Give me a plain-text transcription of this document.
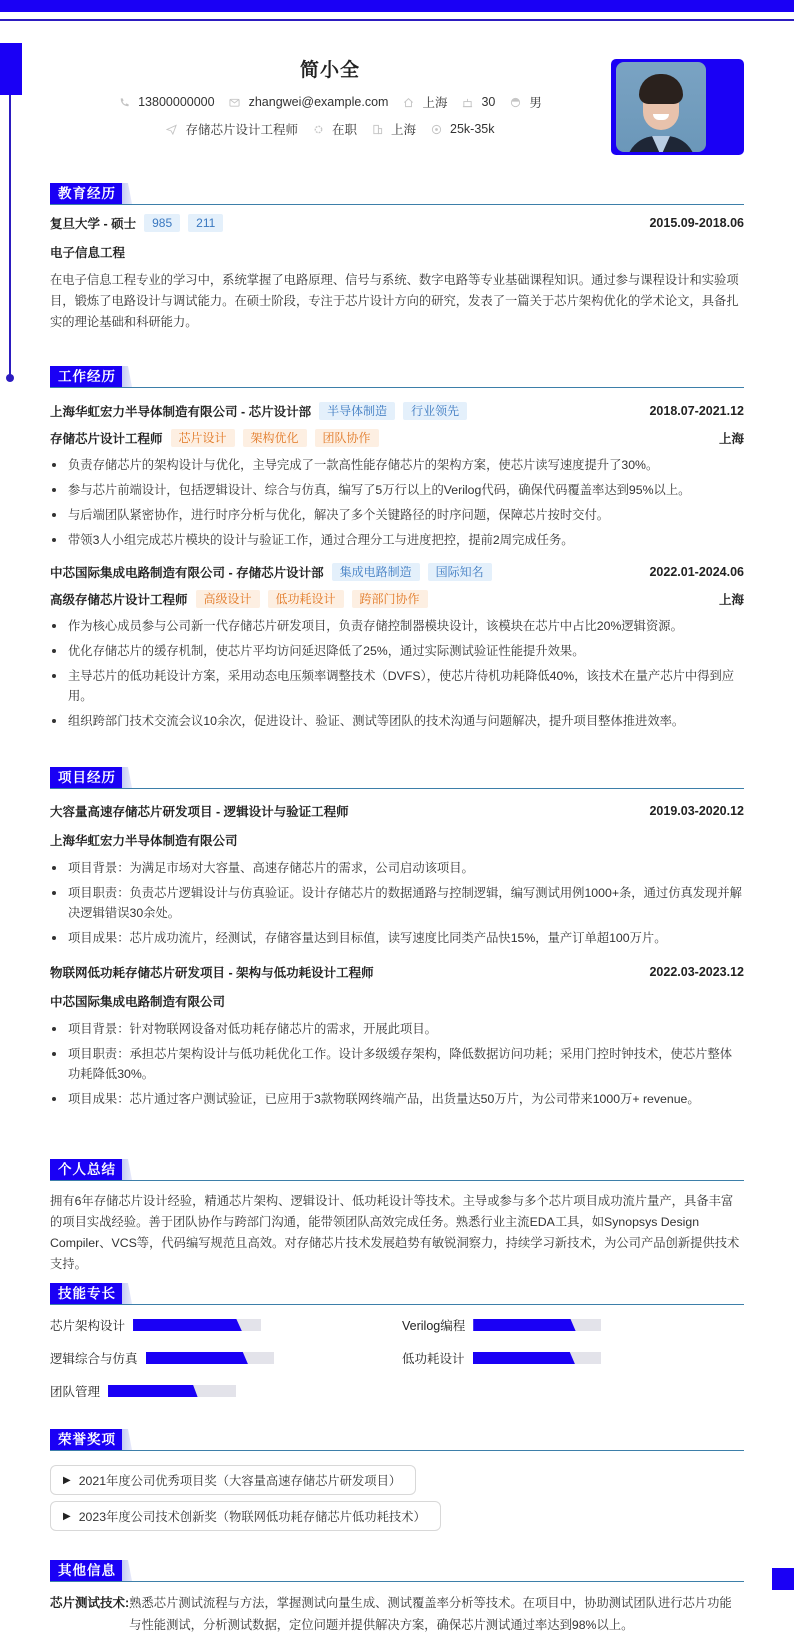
简小全
13800000000	zhangwei@example.com	上海	30	男
存储芯片设计工程师	在职	上海	25k-35k
教育经历
复旦大学 - 硕士	985	211	2015.09-2018.06
电子信息工程
在电子信息工程专业的学习中，系统掌握了电路原理、信号与系统、数字电路等专业基础课程知识。通过参与课程设计和实验项目，锻炼了电路设计与调试能力。在硕士阶段，专注于芯片设计方向的研究，发表了一篇关于芯片架构优化的学术论文，具备扎实的理论基础和科研能力。
工作经历
上海华虹宏力半导体制造有限公司 - 芯片设计部	半导体制造	行业领先	2018.07-2021.12
存储芯片设计工程师	芯片设计	架构优化	团队协作	上海
负责存储芯片的架构设计与优化，主导完成了一款高性能存储芯片的架构方案，使芯片读写速度提升了30%。
参与芯片前端设计，包括逻辑设计、综合与仿真，编写了5万行以上的Verilog代码，确保代码覆盖率达到95%以上。
与后端团队紧密协作，进行时序分析与优化，解决了多个关键路径的时序问题，保障芯片按时交付。
带领3人小组完成芯片模块的设计与验证工作，通过合理分工与进度把控，提前2周完成任务。
中芯国际集成电路制造有限公司 - 存储芯片设计部	集成电路制造	国际知名	2022.01-2024.06
高级存储芯片设计工程师	高级设计	低功耗设计	跨部门协作	上海
作为核心成员参与公司新一代存储芯片研发项目，负责存储控制器模块设计，该模块在芯片中占比20%逻辑资源。
优化存储芯片的缓存机制，使芯片平均访问延迟降低了25%，通过实际测试验证性能提升效果。
主导芯片的低功耗设计方案，采用动态电压频率调整技术（DVFS），使芯片待机功耗降低40%，该技术在量产芯片中得到应用。
组织跨部门技术交流会议10余次，促进设计、验证、测试等团队的技术沟通与问题解决，提升项目整体推进效率。
项目经历
大容量高速存储芯片研发项目 - 逻辑设计与验证工程师	2019.03-2020.12
上海华虹宏力半导体制造有限公司
项目背景：为满足市场对大容量、高速存储芯片的需求，公司启动该项目。
项目职责：负责芯片逻辑设计与仿真验证。设计存储芯片的数据通路与控制逻辑，编写测试用例1000+条，通过仿真发现并解决逻辑错误30余处。
项目成果：芯片成功流片，经测试，存储容量达到目标值，读写速度比同类产品快15%，量产订单超100万片。
物联网低功耗存储芯片研发项目 - 架构与低功耗设计工程师	2022.03-2023.12
中芯国际集成电路制造有限公司
项目背景：针对物联网设备对低功耗存储芯片的需求，开展此项目。
项目职责：承担芯片架构设计与低功耗优化工作。设计多级缓存架构，降低数据访问功耗；采用门控时钟技术，使芯片整体功耗降低30%。
项目成果：芯片通过客户测试验证，已应用于3款物联网终端产品，出货量达50万片，为公司带来1000万+ revenue。
个人总结
拥有6年存储芯片设计经验，精通芯片架构、逻辑设计、低功耗设计等技术。主导或参与多个芯片项目成功流片量产，具备丰富的项目实战经验。善于团队协作与跨部门沟通，能带领团队高效完成任务。熟悉行业主流EDA工具，如Synopsys Design Compiler、VCS等，代码编写规范且高效。对存储芯片技术发展趋势有敏锐洞察力，持续学习新技术，为公司产品创新提供技术支持。
技能专长
芯片架构设计	Verilog编程
逻辑综合与仿真	低功耗设计
团队管理
荣誉奖项
▶ 2021年度公司优秀项目奖（大容量高速存储芯片研发项目）
▶ 2023年度公司技术创新奖（物联网低功耗存储芯片低功耗技术）
其他信息
芯片测试技术: 熟悉芯片测试流程与方法，掌握测试向量生成、测试覆盖率分析等技术。在项目中，协助测试团队进行芯片功能与性能测试，分析测试数据，定位问题并提供解决方案，确保芯片测试通过率达到98%以上。
